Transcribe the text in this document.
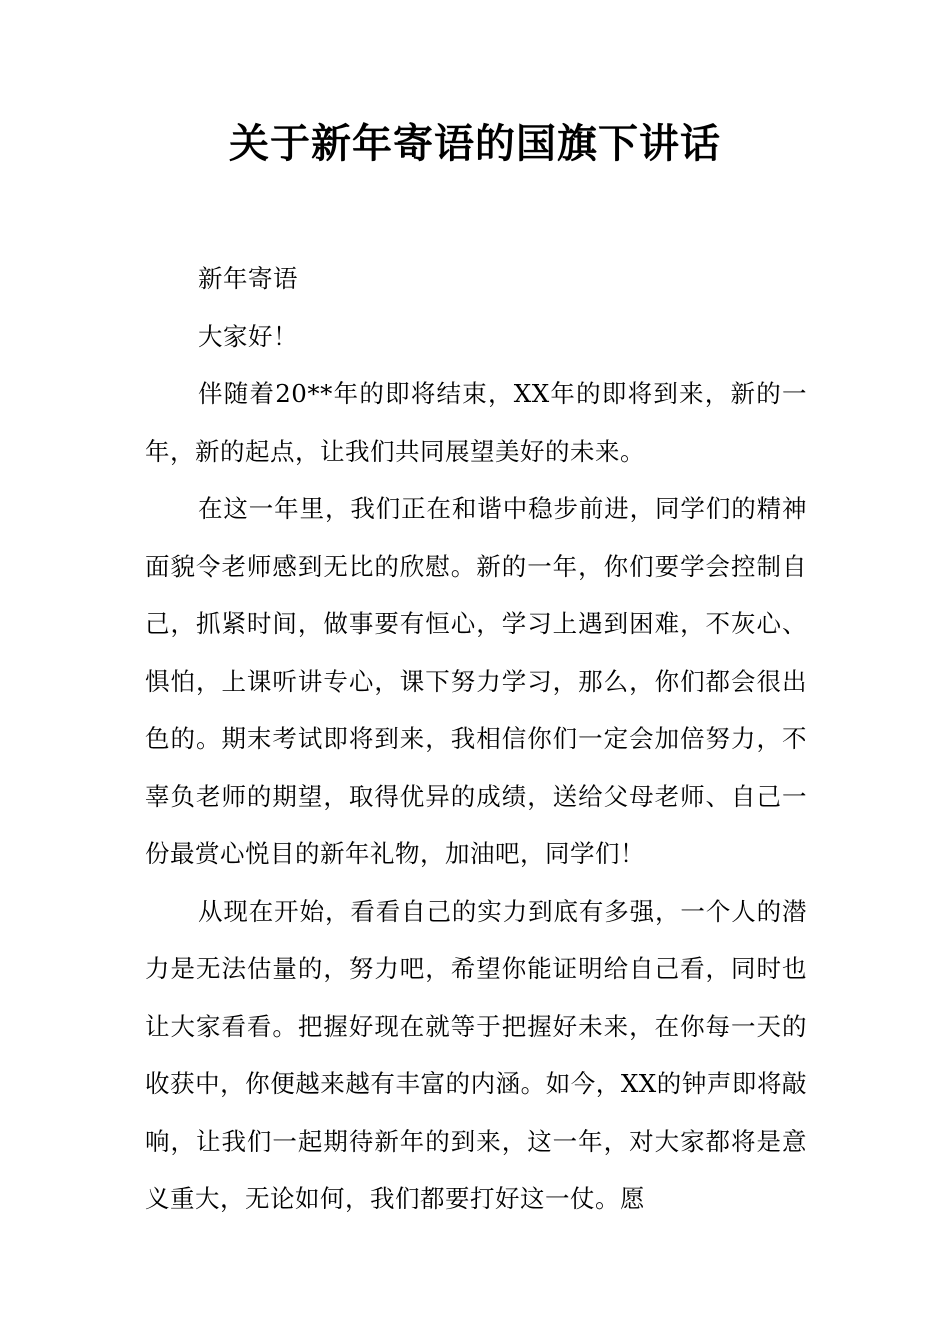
关于新年寄语的国旗下讲话

新年寄语

大家好！

伴随着20**年的即将结束，XX年的即将到来，新的一年，新的起点，让我们共同展望美好的未来。

在这一年里，我们正在和谐中稳步前进，同学们的精神面貌令老师感到无比的欣慰。新的一年，你们要学会控制自己，抓紧时间，做事要有恒心，学习上遇到困难，不灰心、惧怕，上课听讲专心，课下努力学习，那么，你们都会很出色的。期末考试即将到来，我相信你们一定会加倍努力，不辜负老师的期望，取得优异的成绩，送给父母老师、自己一份最赏心悦目的新年礼物，加油吧，同学们！

从现在开始，看看自己的实力到底有多强，一个人的潜力是无法估量的，努力吧，希望你能证明给自己看，同时也让大家看看。把握好现在就等于把握好未来，在你每一天的收获中，你便越来越有丰富的内涵。如今，XX的钟声即将敲响，让我们一起期待新年的到来，这一年，对大家都将是意义重大，无论如何，我们都要打好这一仗。愿
